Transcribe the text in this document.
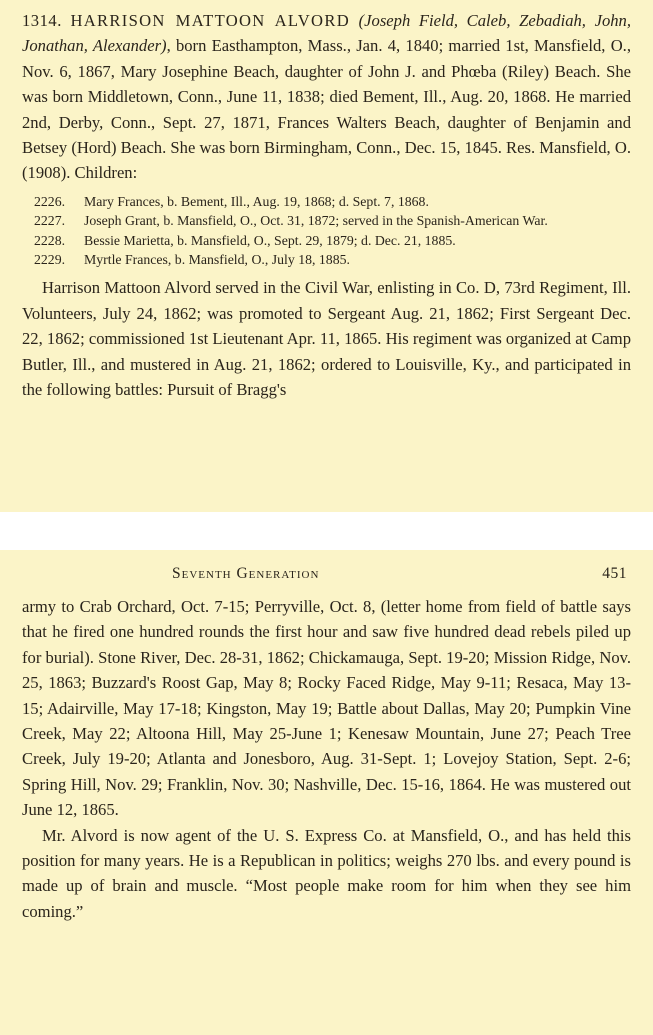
1314. HARRISON MATTOON ALVORD (Joseph Field, Caleb, Zebadiah, John, Jonathan, Alexander), born Easthampton, Mass., Jan. 4, 1840; married 1st, Mansfield, O., Nov. 6, 1867, Mary Josephine Beach, daughter of John J. and Phœba (Riley) Beach. She was born Middletown, Conn., June 11, 1838; died Bement, Ill., Aug. 20, 1868. He married 2nd, Derby, Conn., Sept. 27, 1871, Frances Walters Beach, daughter of Benjamin and Betsey (Hord) Beach. She was born Birmingham, Conn., Dec. 15, 1845. Res. Mansfield, O. (1908). Children:

2226. Mary Frances, b. Bement, Ill., Aug. 19, 1868; d. Sept. 7, 1868.
2227. Joseph Grant, b. Mansfield, O., Oct. 31, 1872; served in the Spanish-American War.
2228. Bessie Marietta, b. Mansfield, O., Sept. 29, 1879; d. Dec. 21, 1885.
2229. Myrtle Frances, b. Mansfield, O., July 18, 1885.

Harrison Mattoon Alvord served in the Civil War, enlisting in Co. D, 73rd Regiment, Ill. Volunteers, July 24, 1862; was promoted to Sergeant Aug. 21, 1862; First Sergeant Dec. 22, 1862; commissioned 1st Lieutenant Apr. 11, 1865. His regiment was organized at Camp Butler, Ill., and mustered in Aug. 21, 1862; ordered to Louisville, Ky., and participated in the following battles: Pursuit of Bragg's

Seventh Generation	451

army to Crab Orchard, Oct. 7-15; Perryville, Oct. 8, (letter home from field of battle says that he fired one hundred rounds the first hour and saw five hundred dead rebels piled up for burial). Stone River, Dec. 28-31, 1862; Chickamauga, Sept. 19-20; Mission Ridge, Nov. 25, 1863; Buzzard's Roost Gap, May 8; Rocky Faced Ridge, May 9-11; Resaca, May 13-15; Adairville, May 17-18; Kingston, May 19; Battle about Dallas, May 20; Pumpkin Vine Creek, May 22; Altoona Hill, May 25-June 1; Kenesaw Mountain, June 27; Peach Tree Creek, July 19-20; Atlanta and Jonesboro, Aug. 31-Sept. 1; Lovejoy Station, Sept. 2-6; Spring Hill, Nov. 29; Franklin, Nov. 30; Nashville, Dec. 15-16, 1864. He was mustered out June 12, 1865.

Mr. Alvord is now agent of the U. S. Express Co. at Mansfield, O., and has held this position for many years. He is a Republican in politics; weighs 270 lbs. and every pound is made up of brain and muscle. “Most people make room for him when they see him coming.”
